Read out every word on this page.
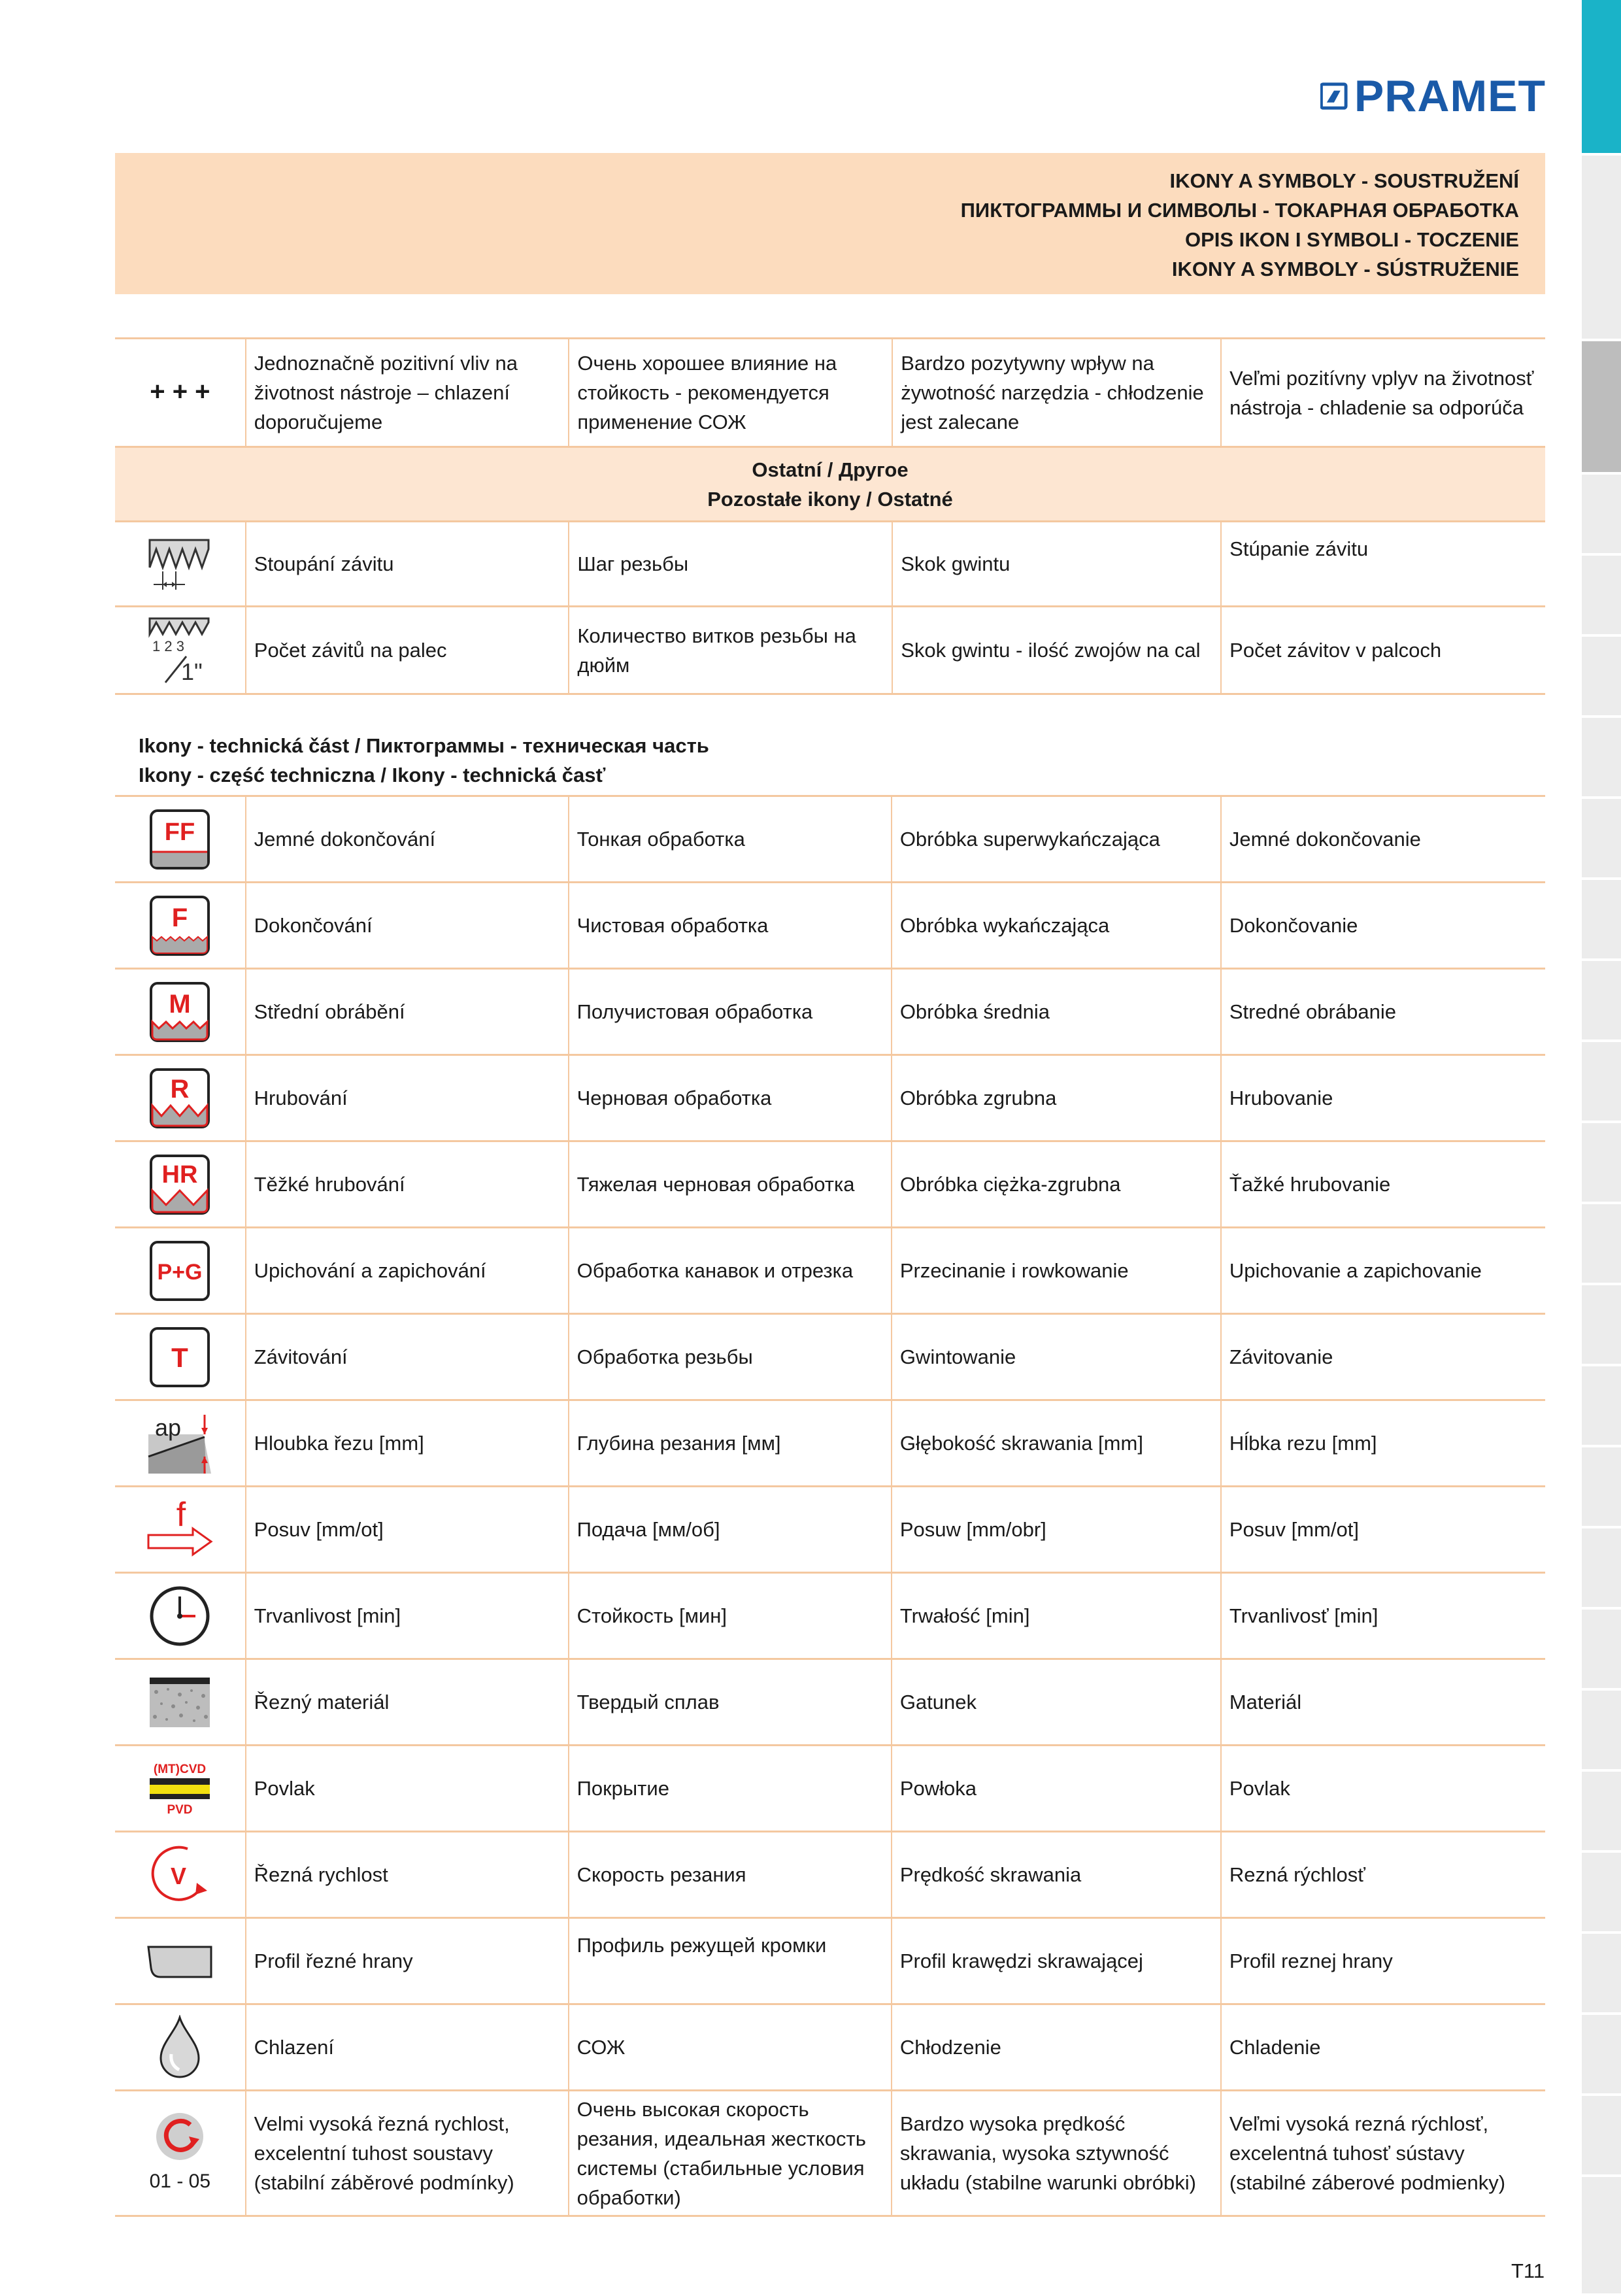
PRAMET
IKONY A SYMBOLY - SOUSTRUŽENÍ
ПИКТОГРАММЫ И СИМВОЛЫ - ТОКАРНАЯ ОБРАБОТКА
OPIS IKON I SYMBOLI - TOCZENIE
IKONY A SYMBOLY - SÚSTRUŽENIE
+ + +	Jednoznačně pozitivní vliv na životnost nástroje – chlazení doporučujeme	Очень хорошее влияние на стойкость - рекомендуется применение СОЖ	Bardzo pozytywny wpływ na żywotność narzędzia - chłodzenie jest zalecane	Veľmi pozitívny vplyv na životnosť nástroja - chladenie sa odporúča

Ostatní / Другое
Pozostałe ikony / Ostatné				

	Stoupání závitu	Шаг резьбы	Skok gwintu	Stúpanie závitu

1 2 3
1"	Počet závitů na palec	Количество витков резьбы на дюйм	Skok gwintu - ilość zwojów na cal	Počet závitov v palcoch
Ikony - technická část / Пиктограммы - техническая часть
Ikony - część techniczna / Ikony - technická časť
FF	Jemné dokončování	Тонкая обработка	Obróbka superwykańczająca	Jemné dokončovanie

F	Dokončování	Чистовая обработка	Obróbka wykańczająca	Dokončovanie

M	Střední obrábění	Получистовая обработка	Obróbka średnia	Stredné obrábanie

R	Hrubování	Черновая обработка	Obróbka zgrubna	Hrubovanie

HR	Těžké hrubování	Тяжелая черновая обработка	Obróbka ciężka-zgrubna	Ťažké hrubovanie

P+G	Upichování a zapichování	Обработка канавок и отрезка	Przecinanie i rowkowanie	Upichovanie a zapichovanie

T	Závitování	Обработка резьбы	Gwintowanie	Závitovanie

ap	Hloubka řezu [mm]	Глубина резания [мм]	Głębokość skrawania [mm]	Hĺbka rezu [mm]

f	Posuv [mm/ot]	Подача [мм/об]	Posuw [mm/obr]	Posuv [mm/ot]
	Trvanlivost [min]	Стойкость [мин]	Trwałość [min]	Trvanlivosť [min]
	Řezný materiál	Твердый сплав	Gatunek	Materiál

(MT)CVD
PVD	Povlak	Покрытие	Powłoka	Povlak

V	Řezná rychlost	Скорость резания	Prędkość skrawania	Rezná rýchlosť
	Profil řezné hrany	Профиль режущей кромки	Profil krawędzi skrawającej	Profil reznej hrany
	Chlazení	СОЖ	Chłodzenie	Chladenie

01 - 05	Velmi vysoká řezná rychlost, excelentní tuhost soustavy (stabilní záběrové podmínky)	Очень высокая скорость резания, идеальная жесткость системы (стабильные условия обработки)	Bardzo wysoka prędkość skrawania, wysoka sztywność układu (stabilne warunki obróbki)	Veľmi vysoká rezná rýchlosť, excelentná tuhosť sústavy (stabilné záberové podmienky)
T11
